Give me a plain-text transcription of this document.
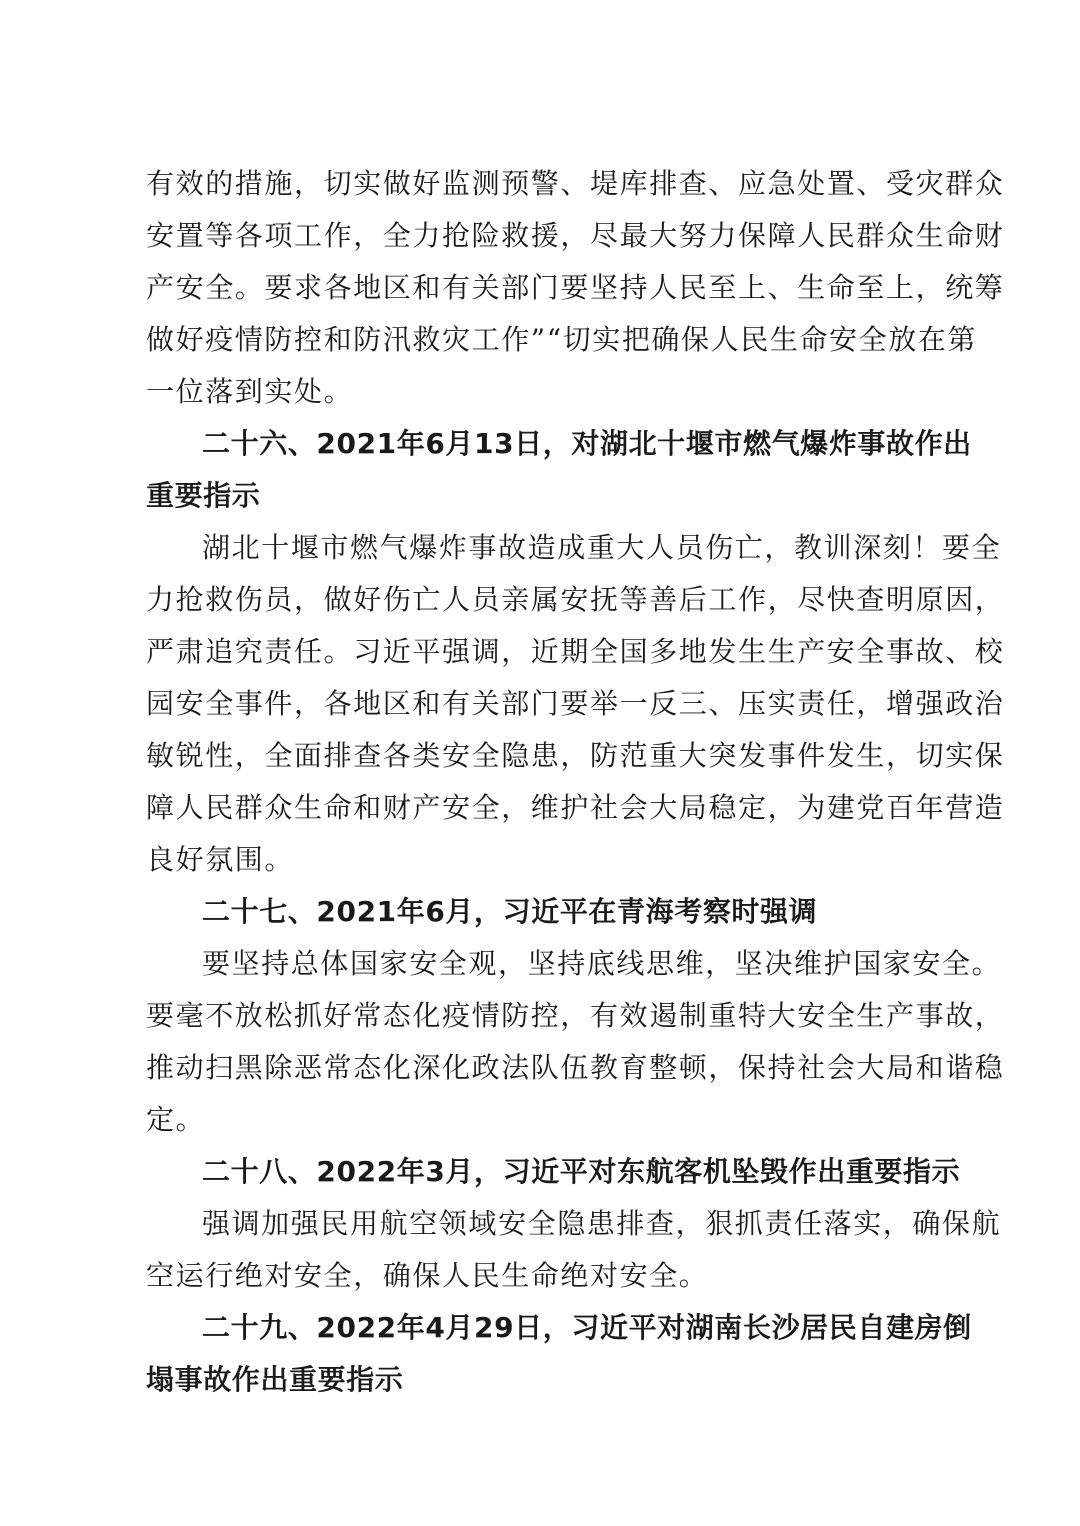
有效的措施，切实做好监测预警、堤库排查、应急处置、受灾群众
安置等各项工作，全力抢险救援，尽最大努力保障人民群众生命财
产安全。要求各地区和有关部门要坚持人民至上、生命至上，统筹
做好疫情防控和防汛救灾工作”“切实把确保人民生命安全放在第
一位落到实处。
二十六、2021年6月13日，对湖北十堰市燃气爆炸事故作出
重要指示
湖北十堰市燃气爆炸事故造成重大人员伤亡，教训深刻！要全
力抢救伤员，做好伤亡人员亲属安抚等善后工作，尽快查明原因，
严肃追究责任。习近平强调，近期全国多地发生生产安全事故、校
园安全事件，各地区和有关部门要举一反三、压实责任，增强政治
敏锐性，全面排查各类安全隐患，防范重大突发事件发生，切实保
障人民群众生命和财产安全，维护社会大局稳定，为建党百年营造
良好氛围。
二十七、2021年6月，习近平在青海考察时强调
要坚持总体国家安全观，坚持底线思维，坚决维护国家安全。
要毫不放松抓好常态化疫情防控，有效遏制重特大安全生产事故，
推动扫黑除恶常态化深化政法队伍教育整顿，保持社会大局和谐稳
定。
二十八、2022年3月，习近平对东航客机坠毁作出重要指示
强调加强民用航空领域安全隐患排查，狠抓责任落实，确保航
空运行绝对安全，确保人民生命绝对安全。
二十九、2022年4月29日，习近平对湖南长沙居民自建房倒
塌事故作出重要指示
